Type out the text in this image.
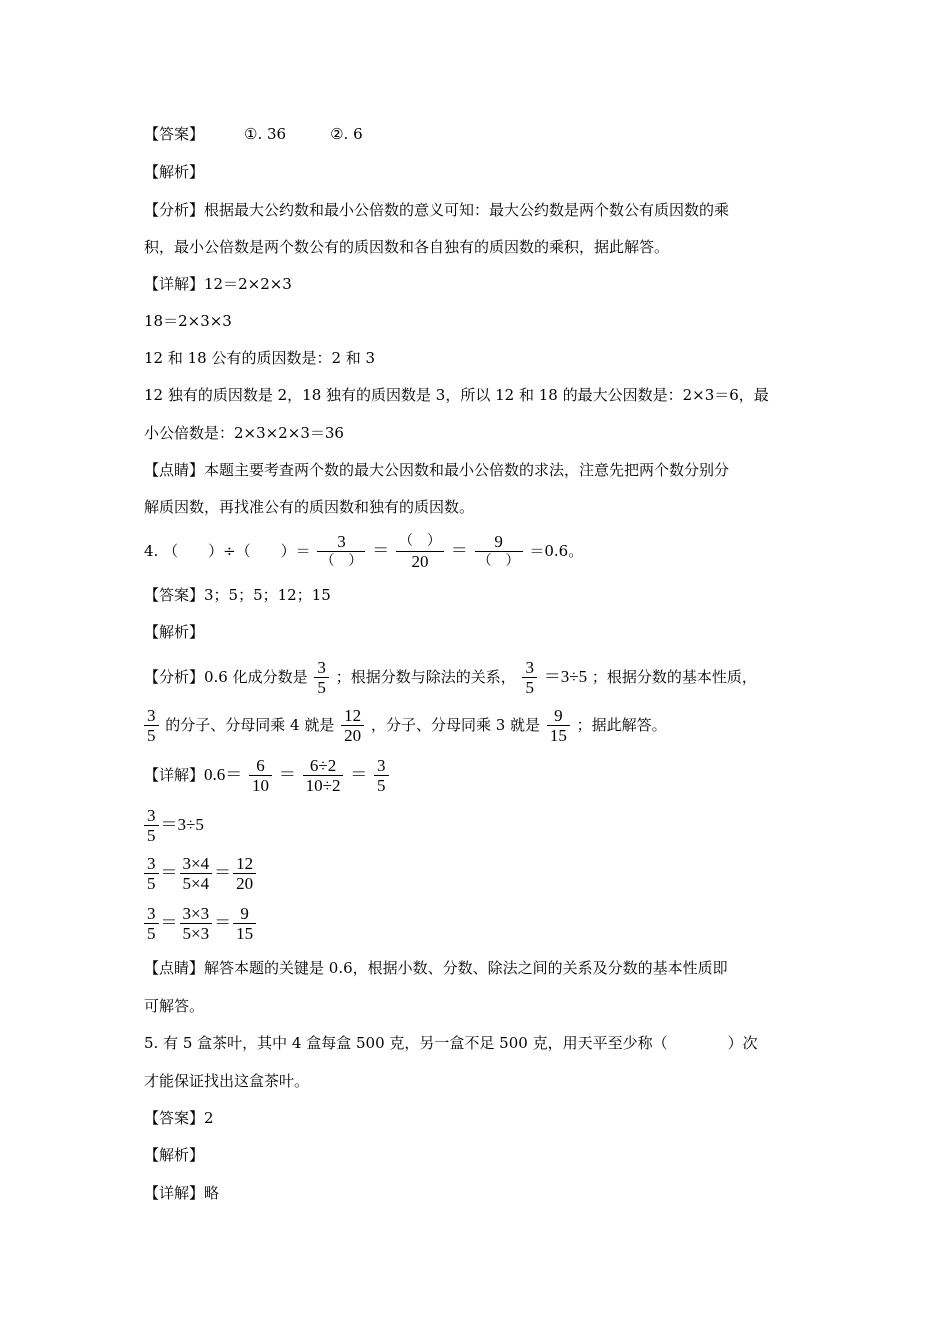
【答案】	①. 36	②. 6
【解析】
【分析】根据最大公约数和最小公倍数的意义可知：最大公约数是两个数公有质因数的乘
积，最小公倍数是两个数公有的质因数和各自独有的质因数的乘积，据此解答。
【详解】12＝2×2×3
18＝2×3×3
12 和 18 公有的质因数是：2 和 3
12 独有的质因数是 2，18 独有的质因数是 3，所以 12 和 18 的最大公因数是：2×3＝6，最
小公倍数是：2×3×2×3＝36
【点睛】本题主要考查两个数的最大公因数和最小公倍数的求法，注意先把两个数分别分
解质因数，再找准公有的质因数和独有的质因数。
4. （　　）÷（　　）＝ $\frac{3}{( )} = \frac{( )}{20} = \frac{9}{( )} =0.6$。
【答案】3；5；5；12；15
【解析】
【分析】0.6 化成分数是 $\frac{3}{5}$ ；根据分数与除法的关系， $\frac{3}{5} =3\div 5$ ；根据分数的基本性质，
$\frac{3}{5}$ 的分子、分母同乘 4 就是 $\frac{12}{20}$ ，分子、分母同乘 3 就是 $\frac{9}{15}$ ；据此解答。
【详解】$0.6= \frac{6}{10} = \frac{6\div 2}{10\div 2} = \frac{3}{5}$
$\frac{3}{5} =3\div 5$
$\frac{3}{5} = \frac{3\times 4}{5\times 4} = \frac{12}{20}$
$\frac{3}{5} = \frac{3\times 3}{5\times 3} = \frac{9}{15}$
【点睛】解答本题的关键是 0.6，根据小数、分数、除法之间的关系及分数的基本性质即
可解答。
5. 有 5 盒茶叶，其中 4 盒每盒 500 克，另一盒不足 500 克，用天平至少称（　　　　）次
才能保证找出这盒茶叶。
【答案】2
【解析】
【详解】略
